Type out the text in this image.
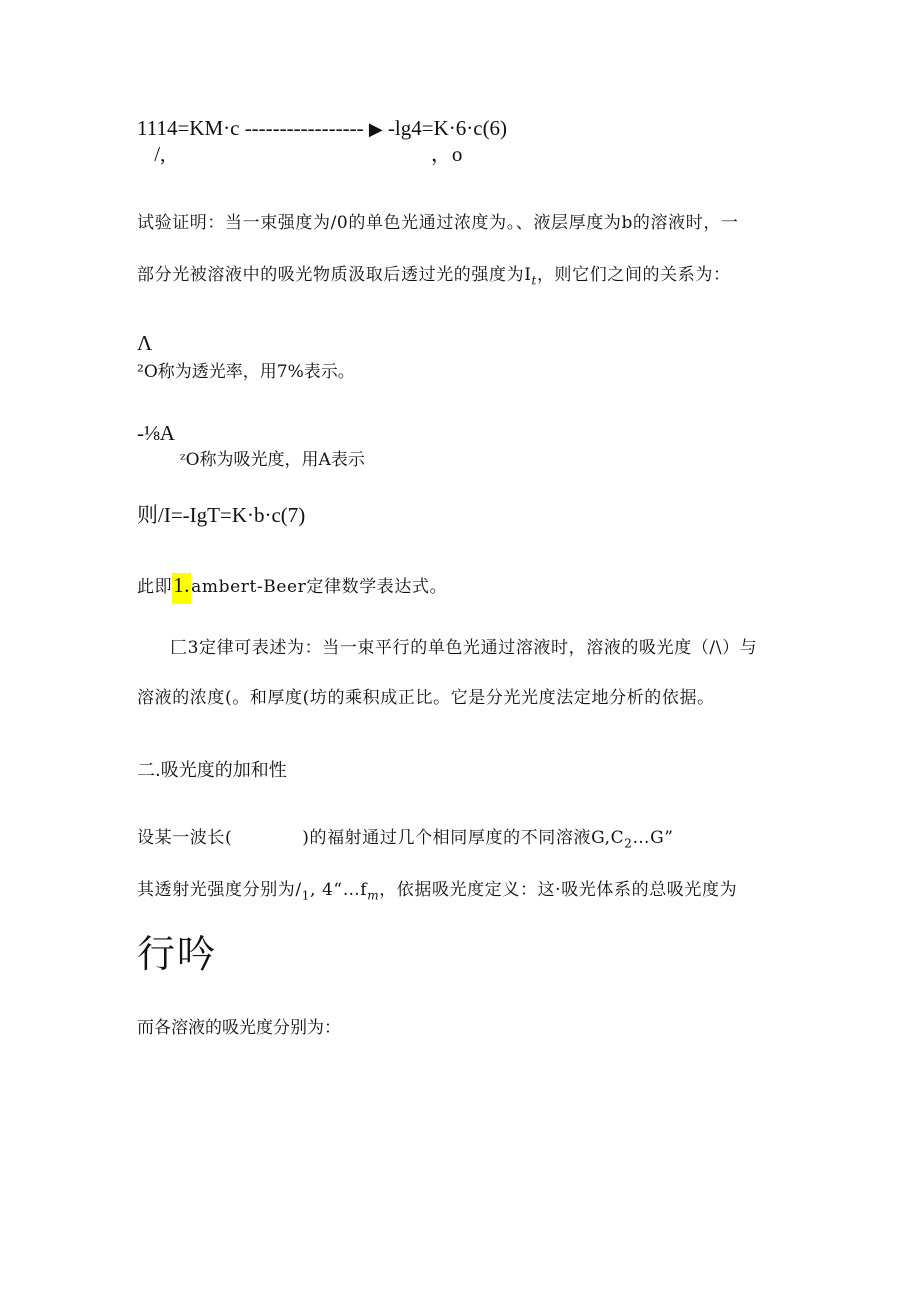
1114=KM·c ----------------- ▶ -lg4=K·6·c(6)
/,	，o
试验证明：当一束强度为/0的单色光通过浓度为。、液层厚度为b的溶液时，一
部分光被溶液中的吸光物质汲取后透过光的强度为$I_t$，则它们之间的关系为：
Λ
²O称为透光率，用7%表示。
-⅛A
ᶻO称为吸光度，用A表示
则/I=-IgT=K·b·c(7)
此即1.ambert-Beer定律数学表达式。
匚3定律可表述为：当一束平行的单色光通过溶液时，溶液的吸光度（/\）与
溶液的浓度(。和厚度(坊的乘积成正比。它是分光光度法定地分析的依据。
二.吸光度的加和性
设某一波长(	)的福射通过几个相同厚度的不同溶液$G,C_2\dots G$”
其透射光强度分别为$/_1$, $4“\dots f_m$，依据吸光度定义：这·吸光体系的总吸光度为
行吟
而各溶液的吸光度分别为：
